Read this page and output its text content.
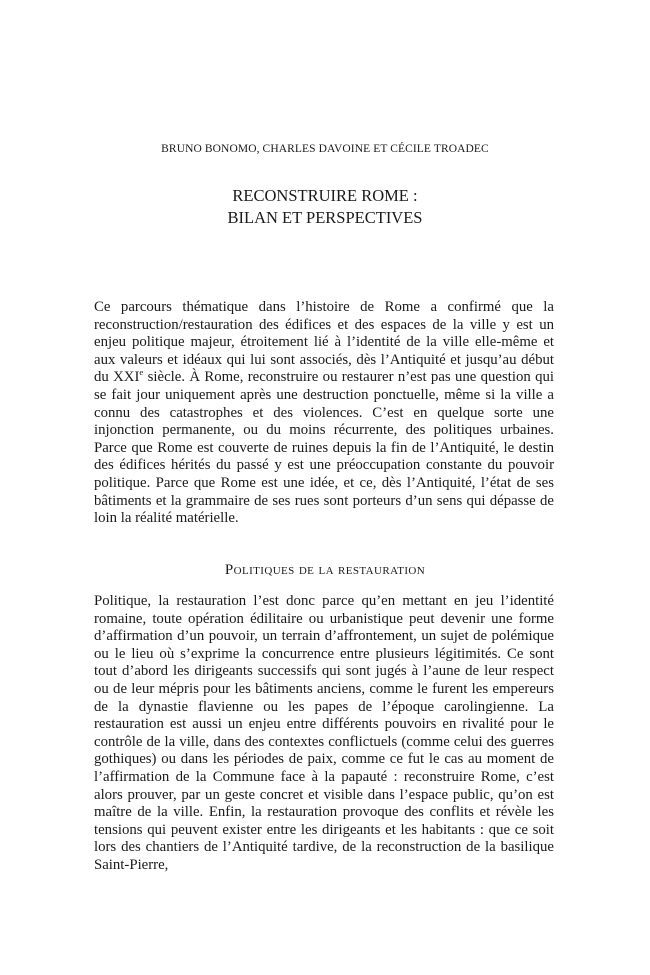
BRUNO BONOMO, CHARLES DAVOINE ET CÉCILE TROADEC
RECONSTRUIRE ROME :
BILAN ET PERSPECTIVES

Ce parcours thématique dans l’histoire de Rome a confirmé que la reconstruction/restauration des édifices et des espaces de la ville y est un enjeu politique majeur, étroitement lié à l’identité de la ville elle-même et aux valeurs et idéaux qui lui sont associés, dès l’Antiquité et jusqu’au début du XXIe siècle. À Rome, reconstruire ou restaurer n’est pas une question qui se fait jour uniquement après une destruction ponctuelle, même si la ville a connu des catastrophes et des violences. C’est en quelque sorte une injonction permanente, ou du moins récurrente, des politiques urbaines. Parce que Rome est couverte de ruines depuis la fin de l’Antiquité, le destin des édifices hérités du passé y est une préoccupation constante du pouvoir politique. Parce que Rome est une idée, et ce, dès l’Antiquité, l’état de ses bâtiments et la grammaire de ses rues sont porteurs d’un sens qui dépasse de loin la réalité matérielle.

Politiques de la restauration

Politique, la restauration l’est donc parce qu’en mettant en jeu l’identité romaine, toute opération édilitaire ou urbanistique peut devenir une forme d’affirmation d’un pouvoir, un terrain d’affrontement, un sujet de polémique ou le lieu où s’exprime la concurrence entre plusieurs légitimités. Ce sont tout d’abord les dirigeants successifs qui sont jugés à l’aune de leur respect ou de leur mépris pour les bâtiments anciens, comme le furent les empereurs de la dynastie flavienne ou les papes de l’époque carolingienne. La restauration est aussi un enjeu entre différents pouvoirs en rivalité pour le contrôle de la ville, dans des contextes conflictuels (comme celui des guerres gothiques) ou dans les périodes de paix, comme ce fut le cas au moment de l’affirmation de la Commune face à la papauté : reconstruire Rome, c’est alors prouver, par un geste concret et visible dans l’espace public, qu’on est maître de la ville. Enfin, la restauration provoque des conflits et révèle les tensions qui peuvent exister entre les dirigeants et les habitants : que ce soit lors des chantiers de l’Antiquité tardive, de la reconstruction de la basilique Saint-Pierre,
